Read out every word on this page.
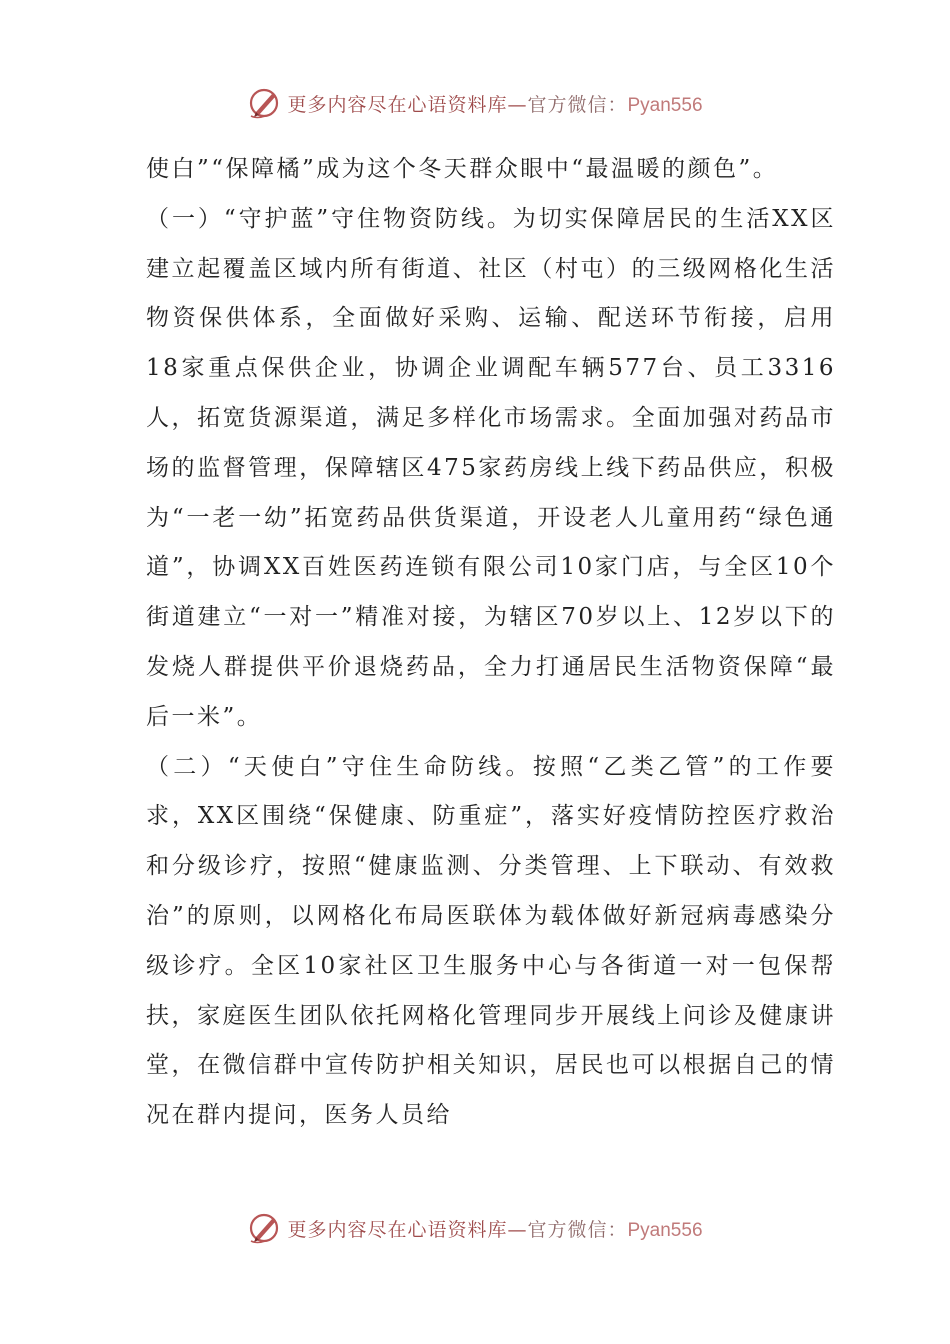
更多内容尽在心语资料库—官方微信：Pyan556

使白”“保障橘”成为这个冬天群众眼中“最温暖的颜色”。

（一）“守护蓝”守住物资防线。为切实保障居民的生活XX区建立起覆盖区域内所有街道、社区（村屯）的三级网格化生活物资保供体系，全面做好采购、运输、配送环节衔接，启用18家重点保供企业，协调企业调配车辆577台、员工3316人，拓宽货源渠道，满足多样化市场需求。全面加强对药品市场的监督管理，保障辖区475家药房线上线下药品供应，积极为“一老一幼”拓宽药品供货渠道，开设老人儿童用药“绿色通道”，协调XX百姓医药连锁有限公司10家门店，与全区10个街道建立“一对一”精准对接，为辖区70岁以上、12岁以下的发烧人群提供平价退烧药品，全力打通居民生活物资保障“最后一米”。

（二）“天使白”守住生命防线。按照“乙类乙管”的工作要求，XX区围绕“保健康、防重症”，落实好疫情防控医疗救治和分级诊疗，按照“健康监测、分类管理、上下联动、有效救治”的原则，以网格化布局医联体为载体做好新冠病毒感染分级诊疗。全区10家社区卫生服务中心与各街道一对一包保帮扶，家庭医生团队依托网格化管理同步开展线上问诊及健康讲堂，在微信群中宣传防护相关知识，居民也可以根据自己的情况在群内提问，医务人员给

更多内容尽在心语资料库—官方微信：Pyan556
